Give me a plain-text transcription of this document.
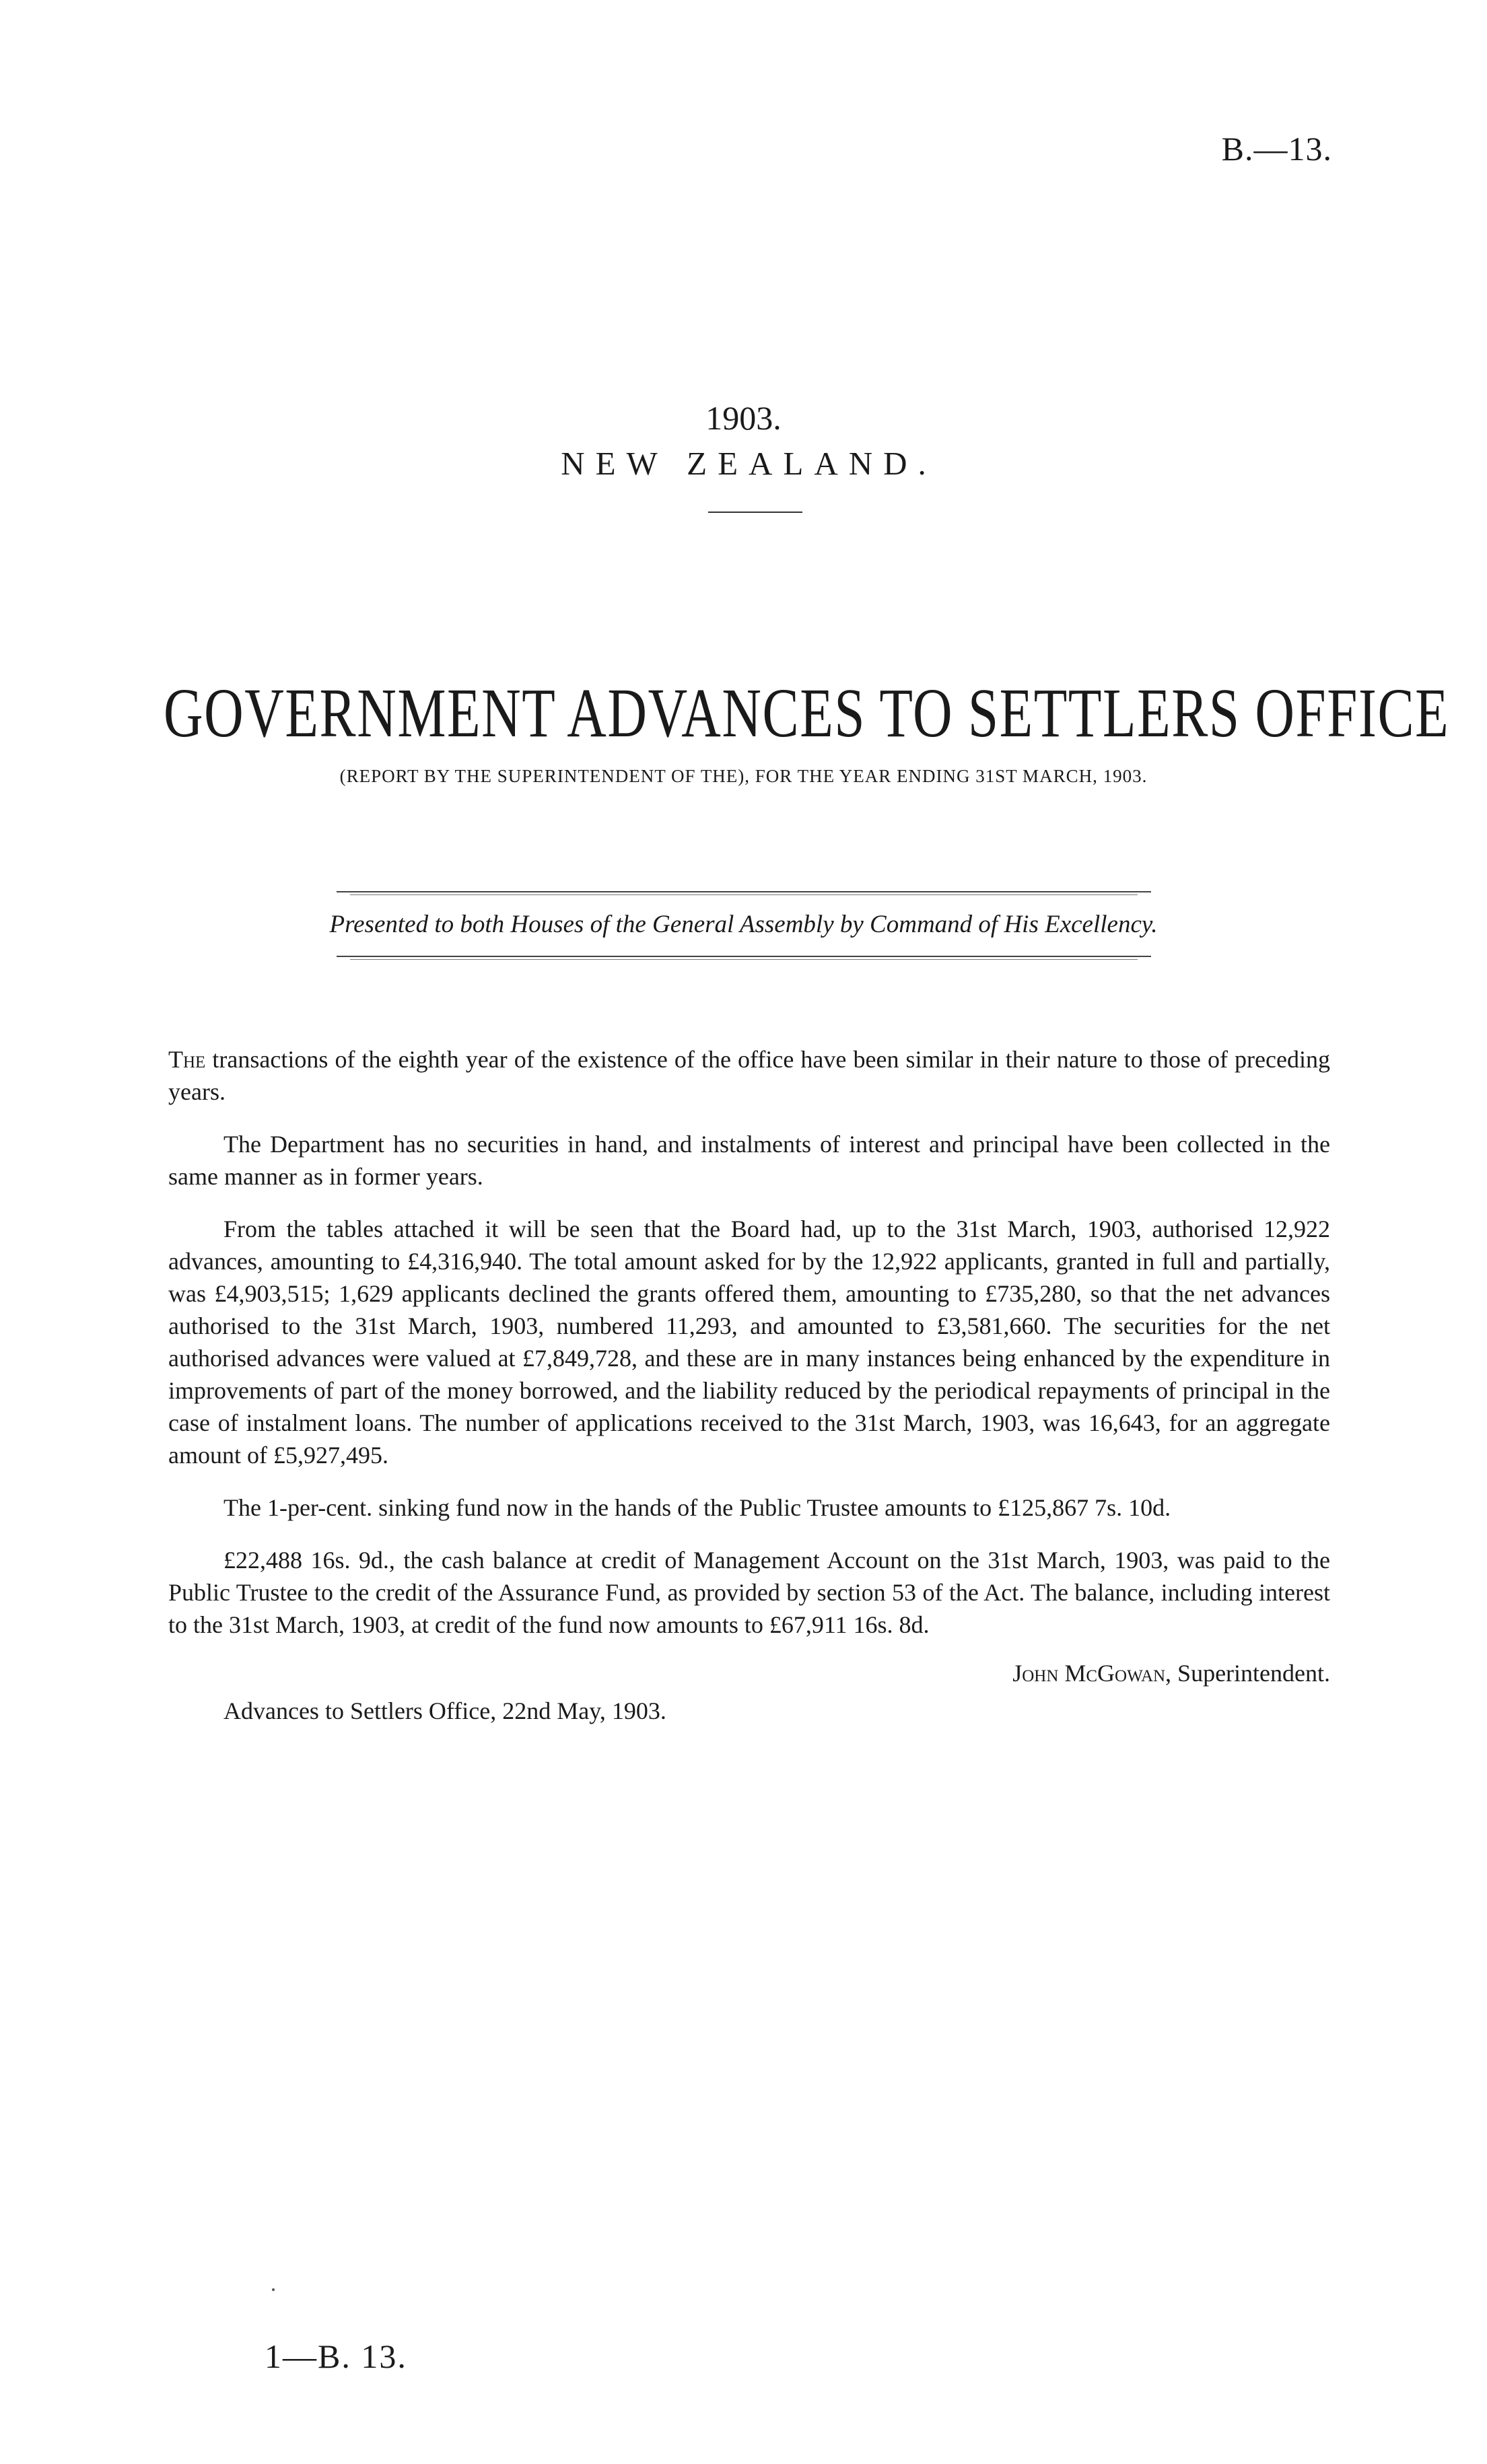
B.—13.
1903.
NEW ZEALAND.
GOVERNMENT ADVANCES TO SETTLERS OFFICE
(REPORT BY THE SUPERINTENDENT OF THE), FOR THE YEAR ENDING 31ST MARCH, 1903.
Presented to both Houses of the General Assembly by Command of His Excellency.

The transactions of the eighth year of the existence of the office have been similar in their nature to those of preceding years.

The Department has no securities in hand, and instalments of interest and principal have been collected in the same manner as in former years.

From the tables attached it will be seen that the Board had, up to the 31st March, 1903, authorised 12,922 advances, amounting to £4,316,940. The total amount asked for by the 12,922 applicants, granted in full and partially, was £4,903,515; 1,629 applicants declined the grants offered them, amounting to £735,280, so that the net advances authorised to the 31st March, 1903, numbered 11,293, and amounted to £3,581,660. The securities for the net authorised advances were valued at £7,849,728, and these are in many instances being enhanced by the expenditure in improvements of part of the money borrowed, and the liability reduced by the periodical repayments of principal in the case of instalment loans. The number of applications received to the 31st March, 1903, was 16,643, for an aggregate amount of £5,927,495.

The 1-per-cent. sinking fund now in the hands of the Public Trustee amounts to £125,867 7s. 10d.

£22,488 16s. 9d., the cash balance at credit of Management Account on the 31st March, 1903, was paid to the Public Trustee to the credit of the Assurance Fund, as provided by section 53 of the Act. The balance, including interest to the 31st March, 1903, at credit of the fund now amounts to £67,911 16s. 8d.

John McGowan, Superintendent.
Advances to Settlers Office, 22nd May, 1903.
1—B. 13.
